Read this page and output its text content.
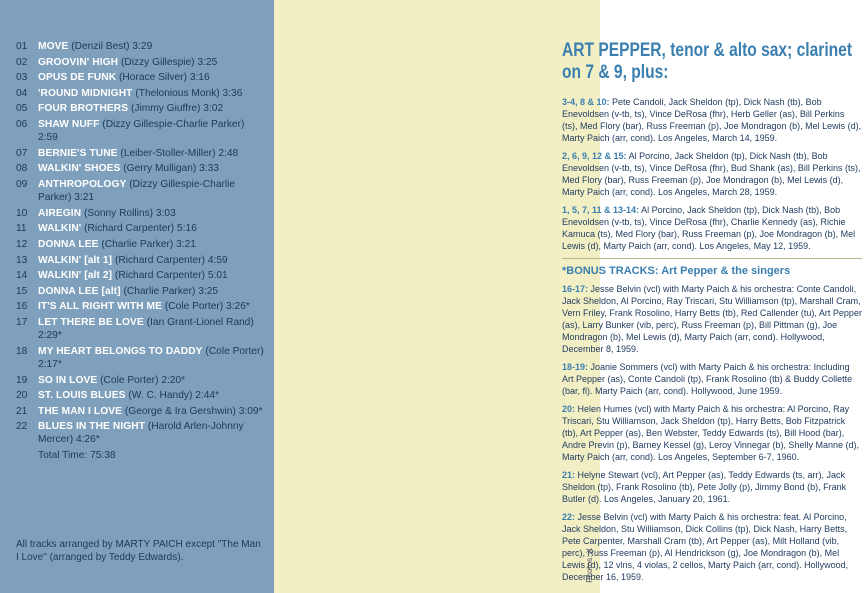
01	MOVE (Denzil Best) 3:29
02	GROOVIN' HIGH (Dizzy Gillespie) 3:25
03	OPUS DE FUNK (Horace Silver) 3:16
04	'ROUND MIDNIGHT (Thelonious Monk) 3:36
05	FOUR BROTHERS (Jimmy Giuffre) 3:02
06	SHAW NUFF (Dizzy Gillespie-Charlie Parker) 2:59
07	BERNIE'S TUNE (Leiber-Stoller-Miller) 2:48
08	WALKIN' SHOES (Gerry Mulligan) 3:33
09	ANTHROPOLOGY (Dizzy Gillespie-Charlie Parker) 3:21
10	AIREGIN (Sonny Rollins) 3:03
11	WALKIN' (Richard Carpenter) 5:16
12	DONNA LEE (Charlie Parker) 3:21
13	WALKIN' [alt 1] (Richard Carpenter) 4:59
14	WALKIN' [alt 2] (Richard Carpenter) 5:01
15	DONNA LEE [alt] (Charlie Parker) 3:25
16	IT'S ALL RIGHT WITH ME (Cole Porter) 3:26*
17	LET THERE BE LOVE (Ian Grant-Lionel Rand) 2:29*
18	MY HEART BELONGS TO DADDY (Cole Porter) 2:17*
19	SO IN LOVE (Cole Porter) 2:20*
20	ST. LOUIS BLUES (W. C. Handy) 2:44*
21	THE MAN I LOVE (George & Ira Gershwin) 3:09*
22	BLUES IN THE NIGHT (Harold Arlen-Johnny Mercer) 4:26*
Total Time: 75:38
All tracks arranged by MARTY PAICH except "The Man I Love" (arranged by Teddy Edwards).
ART PEPPER, tenor & alto sax; clarinet on 7 & 9, plus:
3-4, 8 & 10: Pete Candoli, Jack Sheldon (tp), Dick Nash (tb), Bob Enevoldsen (v-tb, ts), Vince DeRosa (fhr), Herb Geller (as), Bill Perkins (ts), Med Flory (bar), Russ Freeman (p), Joe Mondragon (b), Mel Lewis (d), Marty Paich (arr, cond). Los Angeles, March 14, 1959.
2, 6, 9, 12 & 15: Al Porcino, Jack Sheldon (tp), Dick Nash (tb), Bob Enevoldsen (v-tb, ts), Vince DeRosa (fhr), Bud Shank (as), Bill Perkins (ts), Med Flory (bar), Russ Freeman (p), Joe Mondragon (b), Mel Lewis (d), Marty Paich (arr, cond). Los Angeles, March 28, 1959.
1, 5, 7, 11 & 13-14: Al Porcino, Jack Sheldon (tp), Dick Nash (tb), Bob Enevoldsen (v-tb, ts), Vince DeRosa (fhr), Charlie Kennedy (as), Richie Kamuca (ts), Med Flory (bar), Russ Freeman (p), Joe Mondragon (b), Mel Lewis (d), Marty Paich (arr, cond). Los Angeles, May 12, 1959.
*BONUS TRACKS: Art Pepper & the singers
16-17: Jesse Belvin (vcl) with Marty Paich & his orchestra: Conte Candoli, Jack Sheldon, Al Porcino, Ray Triscari, Stu Williamson (tp), Marshall Cram, Vern Friley, Frank Rosolino, Harry Betts (tb), Red Callender (tu), Art Pepper (as), Larry Bunker (vib, perc), Russ Freeman (p), Bill Pittman (g), Joe Mondragon (b), Mel Lewis (d), Marty Paich (arr, cond). Hollywood, December 8, 1959.
18-19: Joanie Sommers (vcl) with Marty Paich & his orchestra: Including Art Pepper (as), Conte Candoli (tp), Frank Rosolino (tb) & Buddy Collette (bar, fl). Marty Paich (arr, cond). Hollywood, June 1959.
20: Helen Humes (vcl) with Marty Paich & his orchestra: Al Porcino, Ray Triscari, Stu Williamson, Jack Sheldon (tp), Harry Betts, Bob Fitzpatrick (tb), Art Pepper (as), Ben Webster, Teddy Edwards (ts), Bill Hood (bar), Andre Previn (p), Barney Kessel (g), Leroy Vinnegar (b), Shelly Manne (d), Marty Paich (arr, cond). Los Angeles, September 6-7, 1960.
21: Helyne Stewart (vcl), Art Pepper (as), Teddy Edwards (ts, arr), Jack Sheldon (tp), Frank Rosolino (tb), Pete Jolly (p), Jimmy Bond (b), Frank Butler (d). Los Angeles, January 20, 1961.
22: Jesse Belvin (vcl) with Marty Paich & his orchestra: feat. Al Porcino, Jack Sheldon, Stu Williamson, Dick Collins (tp), Dick Nash, Harry Betts, Pete Carpenter, Marshall Cram (tb), Art Pepper (as), Milt Holland (vib, perc), Russ Freeman (p), Al Hendrickson (g), Joe Mondragon (b), Mel Lewis (d), 12 vlns, 4 violas, 2 cellos, Marty Paich (arr, cond). Hollywood, December 16, 1959.
Photos: X
